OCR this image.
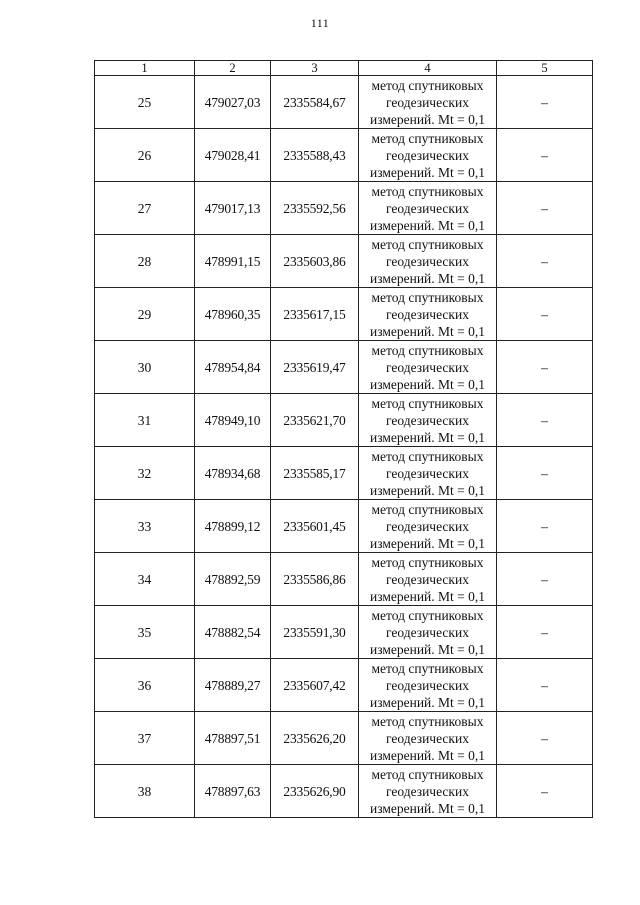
111
1	2	3	4	5
25	479027,03	2335584,67	метод спутниковых
геодезических
измерений. Mt = 0,1	–
26	479028,41	2335588,43	метод спутниковых
геодезических
измерений. Mt = 0,1	–
27	479017,13	2335592,56	метод спутниковых
геодезических
измерений. Mt = 0,1	–
28	478991,15	2335603,86	метод спутниковых
геодезических
измерений. Mt = 0,1	–
29	478960,35	2335617,15	метод спутниковых
геодезических
измерений. Mt = 0,1	–
30	478954,84	2335619,47	метод спутниковых
геодезических
измерений. Mt = 0,1	–
31	478949,10	2335621,70	метод спутниковых
геодезических
измерений. Mt = 0,1	–
32	478934,68	2335585,17	метод спутниковых
геодезических
измерений. Mt = 0,1	–
33	478899,12	2335601,45	метод спутниковых
геодезических
измерений. Mt = 0,1	–
34	478892,59	2335586,86	метод спутниковых
геодезических
измерений. Mt = 0,1	–
35	478882,54	2335591,30	метод спутниковых
геодезических
измерений. Mt = 0,1	–
36	478889,27	2335607,42	метод спутниковых
геодезических
измерений. Mt = 0,1	–
37	478897,51	2335626,20	метод спутниковых
геодезических
измерений. Mt = 0,1	–
38	478897,63	2335626,90	метод спутниковых
геодезических
измерений. Mt = 0,1	–
